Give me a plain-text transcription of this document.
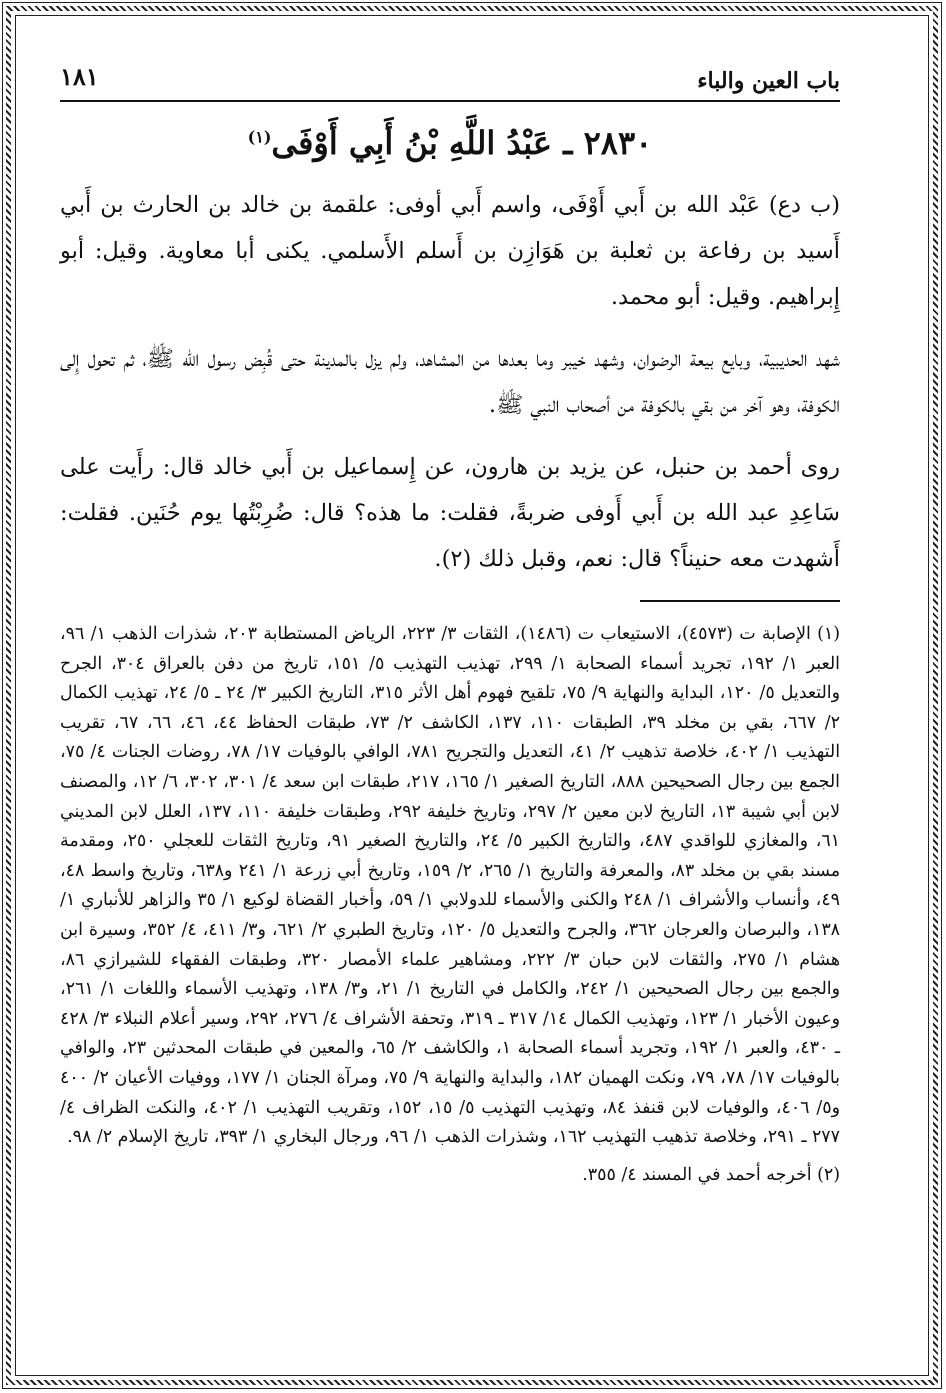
باب العين والباء
١٨١
٢٨٣٠ ـ عَبْدُ اللَّهِ بْنُ أَبِي أَوْفَى$^{(١)}$

(ب دع) عَبْد الله بن أَبي أَوْفَى، واسم أَبي أوفى: علقمة بن خالد بن الحارث بن أَبي أَسيد بن رفاعة بن ثعلبة بن هَوَازِن بن أَسلم الأَسلمي. يكنى أبا معاوية. وقيل: أبو إِبراهيم. وقيل: أبو محمد.

شهد الحديبية، وبايع بيعة الرضوان، وشهد خيبر وما بعدها من المشاهد، ولم يزل بالمدينة حتى قُبِض رسول الله ﷺ، ثم تحول إِلى الكوفة، وهو آخر من بقي بالكوفة من أصحاب النبي ﷺ.

روى أحمد بن حنبل، عن يزيد بن هارون، عن إِسماعيل بن أَبي خالد قال: رأَيت على سَاعِدِ عبد الله بن أَبي أَوفى ضربةً، فقلت: ما هذه؟ قال: ضُرِبْتُها يوم حُنَين. فقلت: أَشهدت معه حنيناً؟ قال: نعم، وقبل ذلك (٢).

(١) الإصابة ت (٤٥٧٣)، الاستيعاب ت (١٤٨٦)، الثقات ٣/ ٢٢٣، الرياض المستطابة ٢٠٣، شذرات الذهب ١/ ٩٦، العبر ١/ ١٩٢، تجريد أسماء الصحابة ١/ ٢٩٩، تهذيب التهذيب ٥/ ١٥١، تاريخ من دفن بالعراق ٣٠٤، الجرح والتعديل ٥/ ١٢٠، البداية والنهاية ٩/ ٧٥، تلقيح فهوم أهل الأثر ٣١٥، التاريخ الكبير ٣/ ٢٤ ـ ٥/ ٢٤، تهذيب الكمال ٢/ ٦٦٧، بقي بن مخلد ٣٩، الطبقات ١١٠، ١٣٧، الكاشف ٢/ ٧٣، طبقات الحفاظ ٤٤، ٤٦، ٦٦، ٦٧، تقريب التهذيب ١/ ٤٠٢، خلاصة تذهيب ٢/ ٤١، التعديل والتجريح ٧٨١، الوافي بالوفيات ١٧/ ٧٨، روضات الجنات ٤/ ٧٥، الجمع بين رجال الصحيحين ٨٨٨، التاريخ الصغير ١/ ١٦٥، ٢١٧، طبقات ابن سعد ٤/ ٣٠١، ٣٠٢، ٦/ ١٢، والمصنف لابن أبي شيبة ١٣، التاريخ لابن معين ٢/ ٢٩٧، وتاريخ خليفة ٢٩٢، وطبقات خليفة ١١٠، ١٣٧، العلل لابن المديني ٦١، والمغازي للواقدي ٤٨٧، والتاريخ الكبير ٥/ ٢٤، والتاريخ الصغير ٩١، وتاريخ الثقات للعجلي ٢٥٠، ومقدمة مسند بقي بن مخلد ٨٣، والمعرفة والتاريخ ١/ ٢٦٥، ٢/ ١٥٩، وتاريخ أبي زرعة ١/ ٢٤١ و٦٣٨، وتاريخ واسط ٤٨، ٤٩، وأنساب والأشراف ١/ ٢٤٨ والكنى والأسماء للدولابي ١/ ٥٩، وأخبار القضاة لوكيع ١/ ٣٥ والزاهر للأنباري ١/ ١٣٨، والبرصان والعرجان ٣٦٢، والجرح والتعديل ٥/ ١٢٠، وتاريخ الطبري ٢/ ٦٢١، و٣/ ٤١١، ٤/ ٣٥٢، وسيرة ابن هشام ١/ ٢٧٥، والثقات لابن حبان ٣/ ٢٢٢، ومشاهير علماء الأمصار ٣٢٠، وطبقات الفقهاء للشيرازي ٨٦، والجمع بين رجال الصحيحين ١/ ٢٤٢، والكامل في التاريخ ١/ ٢١، و٣/ ١٣٨، وتهذيب الأسماء واللغات ١/ ٢٦١، وعيون الأخبار ١/ ١٢٣، وتهذيب الكمال ١٤/ ٣١٧ ـ ٣١٩، وتحفة الأشراف ٤/ ٢٧٦، ٢٩٢، وسير أعلام النبلاء ٣/ ٤٢٨ ـ ٤٣٠، والعبر ١/ ١٩٢، وتجريد أسماء الصحابة ١، والكاشف ٢/ ٦٥، والمعين في طبقات المحدثين ٢٣، والوافي بالوفيات ١٧/ ٧٨، ٧٩، ونكت الهميان ١٨٢، والبداية والنهاية ٩/ ٧٥، ومرآة الجنان ١/ ١٧٧، ووفيات الأعيان ٢/ ٤٠٠ و٥/ ٤٠٦، والوفيات لابن قنفذ ٨٤، وتهذيب التهذيب ٥/ ١٥، ١٥٢، وتقريب التهذيب ١/ ٤٠٢، والنكت الظراف ٤/ ٢٧٧ ـ ٢٩١، وخلاصة تذهيب التهذيب ١٦٢، وشذرات الذهب ١/ ٩٦، ورجال البخاري ١/ ٣٩٣، تاريخ الإسلام ٢/ ٩٨.

(٢) أخرجه أحمد في المسند ٤/ ٣٥٥.
